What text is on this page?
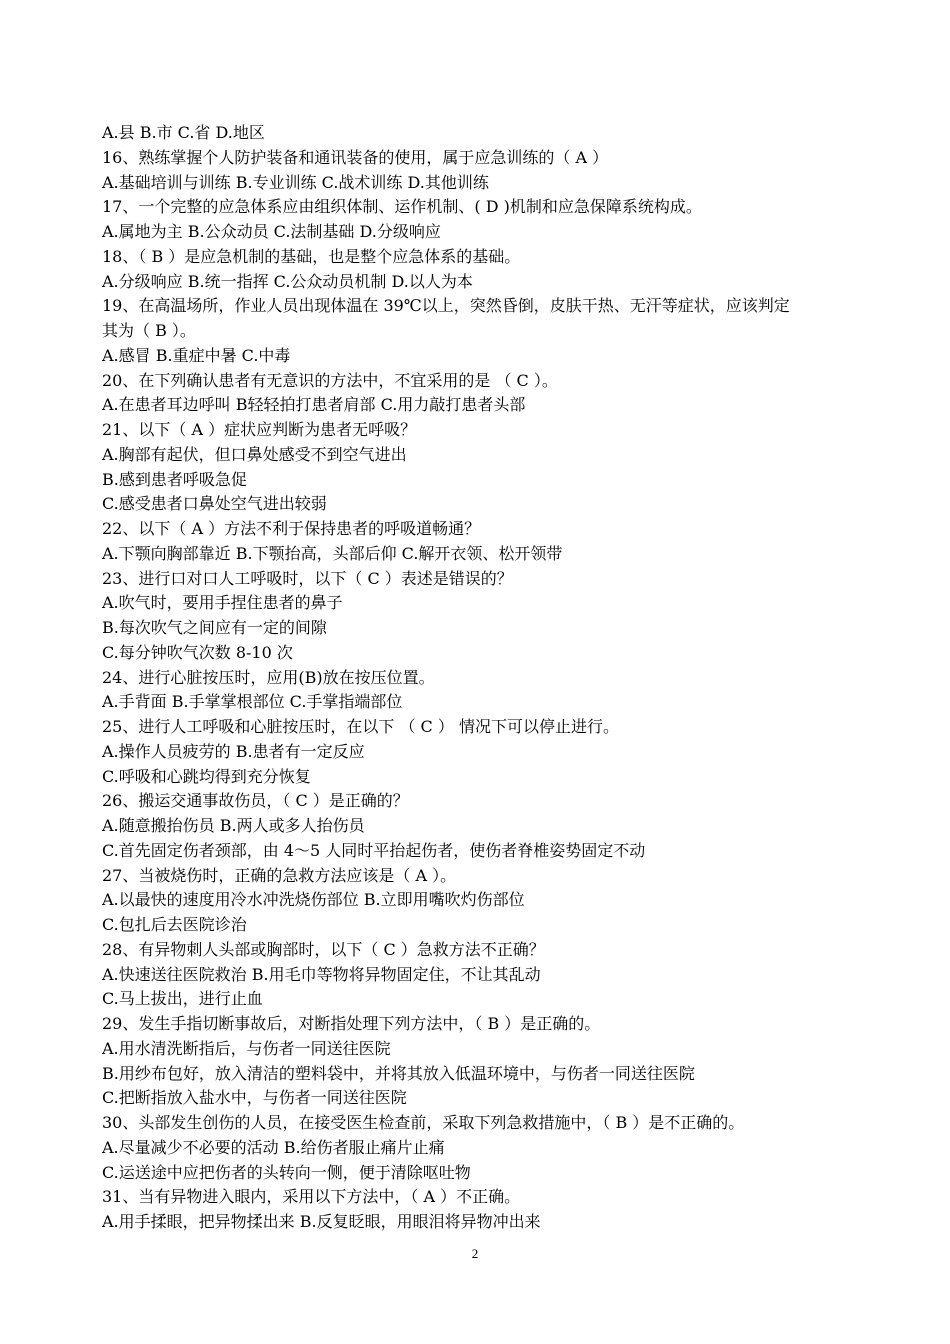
A.县 B.市 C.省 D.地区
16、熟练掌握个人防护装备和通讯装备的使用，属于应急训练的（ A ）
A.基础培训与训练 B.专业训练 C.战术训练 D.其他训练
17、一个完整的应急体系应由组织体制、运作机制、( D )机制和应急保障系统构成。
A.属地为主 B.公众动员 C.法制基础 D.分级响应
18、（ B ）是应急机制的基础，也是整个应急体系的基础。
A.分级响应 B.统一指挥 C.公众动员机制 D.以人为本
19、在高温场所，作业人员出现体温在 39℃以上，突然昏倒，皮肤干热、无汗等症状，应该判定
其为（ B ）。
A.感冒 B.重症中暑 C.中毒
20、在下列确认患者有无意识的方法中，不宜采用的是 （ C ）。
A.在患者耳边呼叫 B轻轻拍打患者肩部 C.用力敲打患者头部
21、以下（ A ）症状应判断为患者无呼吸？
A.胸部有起伏，但口鼻处感受不到空气进出
B.感到患者呼吸急促
C.感受患者口鼻处空气进出较弱
22、以下（ A ）方法不利于保持患者的呼吸道畅通？
A.下颚向胸部靠近 B.下颚抬高，头部后仰 C.解开衣领、松开领带
23、进行口对口人工呼吸时，以下（ C ）表述是错误的？
A.吹气时，要用手捏住患者的鼻子
B.每次吹气之间应有一定的间隙
C.每分钟吹气次数 8-10 次
24、进行心脏按压时，应用(B)放在按压位置。
A.手背面 B.手掌掌根部位 C.手掌指端部位
25、进行人工呼吸和心脏按压时，在以下 （ C ） 情况下可以停止进行。
A.操作人员疲劳的 B.患者有一定反应
C.呼吸和心跳均得到充分恢复
26、搬运交通事故伤员，（ C ）是正确的？
A.随意搬抬伤员 B.两人或多人抬伤员
C.首先固定伤者颈部，由 4～5 人同时平抬起伤者，使伤者脊椎姿势固定不动
27、当被烧伤时，正确的急救方法应该是（ A ）。
A.以最快的速度用冷水冲洗烧伤部位 B.立即用嘴吹灼伤部位
C.包扎后去医院诊治
28、有异物刺人头部或胸部时，以下（ C ）急救方法不正确？
A.快速送往医院救治 B.用毛巾等物将异物固定住，不让其乱动
C.马上拔出，进行止血
29、发生手指切断事故后，对断指处理下列方法中，（ B ）是正确的。
A.用水清洗断指后，与伤者一同送往医院
B.用纱布包好，放入清洁的塑料袋中，并将其放入低温环境中，与伤者一同送往医院
C.把断指放入盐水中，与伤者一同送往医院
30、头部发生创伤的人员，在接受医生检查前，采取下列急救措施中，（ B ）是不正确的。
A.尽量减少不必要的活动 B.给伤者服止痛片止痛
C.运送途中应把伤者的头转向一侧，便于清除呕吐物
31、当有异物进入眼内，采用以下方法中，（ A ）不正确。
A.用手揉眼，把异物揉出来 B.反复眨眼，用眼泪将异物冲出来
2
